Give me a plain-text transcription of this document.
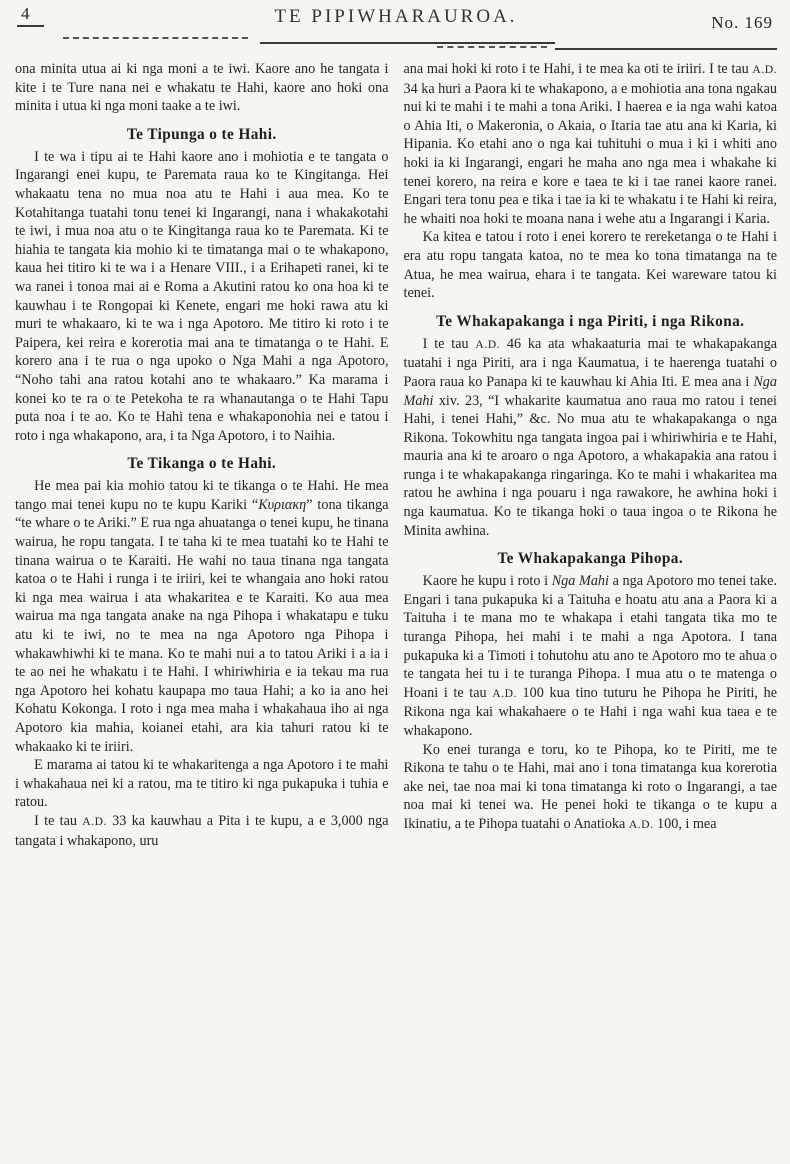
4	TE PIPIWHARAUROA.	No. 169

ona minita utua ai ki nga moni a te iwi. Kaore ano he tangata i kite i te Ture nana nei e whakatu te Hahi, kaore ano hoki ona minita i utua ki nga moni taake a te iwi.

Te Tipunga o te Hahi.

I te wa i tipu ai te Hahi kaore ano i mohiotia e te tangata o Ingarangi enei kupu, te Paremata raua ko te Kingitanga. Hei whakaatu tena no mua noa atu te Hahi i aua mea. Ko te Kotahitanga tuatahi tonu tenei ki Ingarangi, nana i whakakotahi te iwi, i mua noa atu o te Kingitanga raua ko te Paremata. Ki te hiahia te tangata kia mohio ki te timatanga mai o te whakapono, kaua hei titiro ki te wa i a Henare VIII., i a Erihapeti ranei, ki te wa ranei i tonoa mai ai e Roma a Akutini ratou ko ona hoa ki te kauwhau i te Rongopai ki Kenete, engari me hoki rawa atu ki muri te whakaaro, ki te wa i nga Apotoro. Me titiro ki roto i te Paipera, kei reira e korerotia mai ana te timatanga o te Hahi. E korero ana i te rua o nga upoko o Nga Mahi a nga Apotoro, “Noho tahi ana ratou kotahi ano te whakaaro.” Ka marama i konei ko te ra o te Petekoha te ra whanautanga o te Hahi Tapu puta noa i te ao. Ko te Hahi tena e whakaponohia nei e tatou i roto i nga whakapono, ara, i ta Nga Apotoro, i to Naihia.

Te Tikanga o te Hahi.

He mea pai kia mohio tatou ki te tikanga o te Hahi. He mea tango mai tenei kupu no te kupu Kariki “Κυριακη” tona tikanga “te whare o te Ariki.” E rua nga ahuatanga o tenei kupu, he tinana wairua, he ropu tangata. I te taha ki te mea tuatahi ko te Hahi te tinana wairua o te Karaiti. He wahi no taua tinana nga tangata katoa o te Hahi i runga i te iriiri, kei te whangaia ano hoki ratou ki nga mea wairua i ata whakaritea e te Karaiti. Ko aua mea wairua ma nga tangata anake na nga Pihopa i whakatapu e tuku atu ki te iwi, no te mea na nga Apotoro nga Pihopa i whakawhiwhi ki te mana. Ko te mahi nui a to tatou Ariki i a ia i te ao nei he whakatu i te Hahi. I whiriwhiria e ia tekau ma rua nga Apotoro hei kohatu kaupapa mo taua Hahi; a ko ia ano hei Kohatu Kokonga. I roto i nga mea maha i whakahaua iho ai nga Apotoro kia mahia, koianei etahi, ara kia tahuri ratou ki te whakaako ki te iriiri.

E marama ai tatou ki te whakaritenga a nga Apotoro i te mahi i whakahaua nei ki a ratou, ma te titiro ki nga pukapuka i tuhia e ratou.

I te tau A.D. 33 ka kauwhau a Pita i te kupu, a e 3,000 nga tangata i whakapono, uru

ana mai hoki ki roto i te Hahi, i te mea ka oti te iriiri. I te tau A.D. 34 ka huri a Paora ki te whakapono, a e mohiotia ana tona ngakau nui ki te mahi i te mahi a tona Ariki. I haerea e ia nga wahi katoa o Ahia Iti, o Makeronia, o Akaia, o Itaria tae atu ana ki Karia, ki Hipania. Ko etahi ano o nga kai tuhituhi o mua i ki i whiti ano hoki ia ki Ingarangi, engari he maha ano nga mea i whakahe ki tenei korero, na reira e kore e taea te ki i tae ranei kaore ranei. Engari tera tonu pea e tika i tae ia ki te whakatu i te Hahi ki reira, he whaiti noa hoki te moana nana i wehe atu a Ingarangi i Karia.

Ka kitea e tatou i roto i enei korero te rereketanga o te Hahi i era atu ropu tangata katoa, no te mea ko tona timatanga na te Atua, he mea wairua, ehara i te tangata. Kei wareware tatou ki tenei.

Te Whakapakanga i nga Piriti, i nga Rikona.

I te tau A.D. 46 ka ata whakaaturia mai te whakapakanga tuatahi i nga Piriti, ara i nga Kaumatua, i te haerenga tuatahi o Paora raua ko Panapa ki te kauwhau ki Ahia Iti. E mea ana i Nga Mahi xiv. 23, “I whakarite kaumatua ano raua mo ratou i tenei Hahi, i tenei Hahi,” &c. No mua atu te whakapakanga o nga Rikona. Tokowhitu nga tangata ingoa pai i whiriwhiria e te Hahi, mauria ana ki te aroaro o nga Apotoro, a whakapakia ana ratou i runga i te whakapakanga ringaringa. Ko te mahi i whakaritea ma ratou he awhina i nga pouaru i nga rawakore, he awhina hoki i nga kaumatua. Ko te tikanga hoki o taua ingoa o te Rikona he Minita awhina.

Te Whakapakanga Pihopa.

Kaore he kupu i roto i Nga Mahi a nga Apotoro mo tenei take. Engari i tana pukapuka ki a Taituha e hoatu atu ana a Paora ki a Taituha i te mana mo te whakapa i etahi tangata tika mo te turanga Pihopa, hei mahi i te mahi a nga Apotora. I tana pukapuka ki a Timoti i tohutohu atu ano te Apotoro mo te ahua o te tangata hei tu i te turanga Pihopa. I mua atu o te matenga o Hoani i te tau A.D. 100 kua tino tuturu he Pihopa he Piriti, he Rikona nga kai whakahaere o te Hahi i nga wahi kua taea e te whakapono.

Ko enei turanga e toru, ko te Pihopa, ko te Piriti, me te Rikona te tahu o te Hahi, mai ano i tona timatanga kua korerotia ake nei, tae noa mai ki tona timatanga ki roto o Ingarangi, a tae noa mai ki tenei wa. He penei hoki te tikanga o te kupu a Ikinatiu, a te Pihopa tuatahi o Anatioka A.D. 100, i mea
